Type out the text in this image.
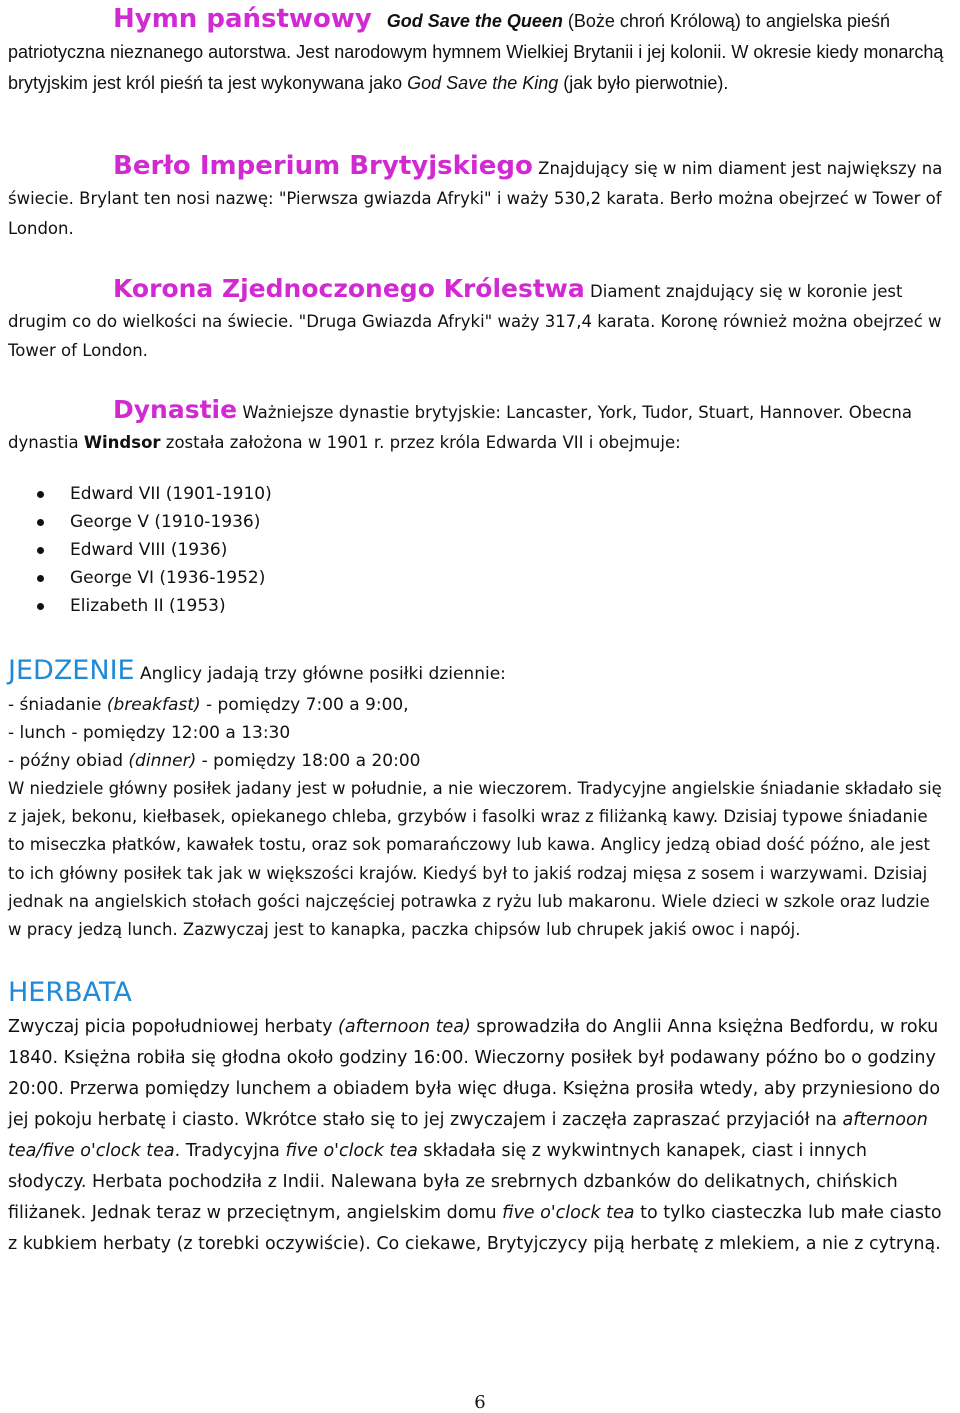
Hymn państwowy God Save the Queen (Boże chroń Królową) to angielska pieśń patriotyczna nieznanego autorstwa. Jest narodowym hymnem Wielkiej Brytanii i jej kolonii. W okresie kiedy monarchą brytyjskim jest król pieśń ta jest wykonywana jako God Save the King (jak było pierwotnie).
Berło Imperium Brytyjskiego Znajdujący się w nim diament jest największy na świecie. Brylant ten nosi nazwę: "Pierwsza gwiazda Afryki" i waży 530,2 karata. Berło można obejrzeć w Tower of London.
Korona Zjednoczonego Królestwa Diament znajdujący się w koronie jest drugim co do wielkości na świecie. "Druga Gwiazda Afryki" waży 317,4 karata. Koronę również można obejrzeć w Tower of London.
Dynastie Ważniejsze dynastie brytyjskie: Lancaster, York, Tudor, Stuart, Hannover. Obecna dynastia Windsor została założona w 1901 r. przez króla Edwarda VII i obejmuje:
Edward VII (1901-1910)
George V (1910-1936)
Edward VIII (1936)
George VI (1936-1952)
Elizabeth II (1953)
JEDZENIE Anglicy jadają trzy główne posiłki dziennie:
- śniadanie (breakfast) - pomiędzy 7:00 a 9:00,
- lunch - pomiędzy 12:00 a 13:30
- późny obiad (dinner) - pomiędzy 18:00 a 20:00
W niedziele główny posiłek jadany jest w południe, a nie wieczorem. Tradycyjne angielskie śniadanie składało się z jajek, bekonu, kiełbasek, opiekanego chleba, grzybów i fasolki wraz z filiżanką kawy. Dzisiaj typowe śniadanie to miseczka płatków, kawałek tostu, oraz sok pomarańczowy lub kawa. Anglicy jedzą obiad dość późno, ale jest to ich główny posiłek tak jak w większości krajów. Kiedyś był to jakiś rodzaj mięsa z sosem i warzywami. Dzisiaj jednak na angielskich stołach gości najczęściej potrawka z ryżu lub makaronu. Wiele dzieci w szkole oraz ludzie w pracy jedzą lunch. Zazwyczaj jest to kanapka, paczka chipsów lub chrupek jakiś owoc i napój.
HERBATA
Zwyczaj picia popołudniowej herbaty (afternoon tea) sprowadziła do Anglii Anna księżna Bedfordu, w roku 1840. Księżna robiła się głodna około godziny 16:00. Wieczorny posiłek był podawany późno bo o godziny 20:00. Przerwa pomiędzy lunchem a obiadem była więc długa. Księżna prosiła wtedy, aby przyniesiono do jej pokoju herbatę i ciasto. Wkrótce stało się to jej zwyczajem i zaczęła zapraszać przyjaciół na afternoon tea/five o'clock tea. Tradycyjna five o'clock tea składała się z wykwintnych kanapek, ciast i innych słodyczy. Herbata pochodziła z Indii. Nalewana była ze srebrnych dzbanków do delikatnych, chińskich filiżanek. Jednak teraz w przeciętnym, angielskim domu five o'clock tea to tylko ciasteczka lub małe ciasto z kubkiem herbaty (z torebki oczywiście). Co ciekawe, Brytyjczycy piją herbatę z mlekiem, a nie z cytryną.
6
